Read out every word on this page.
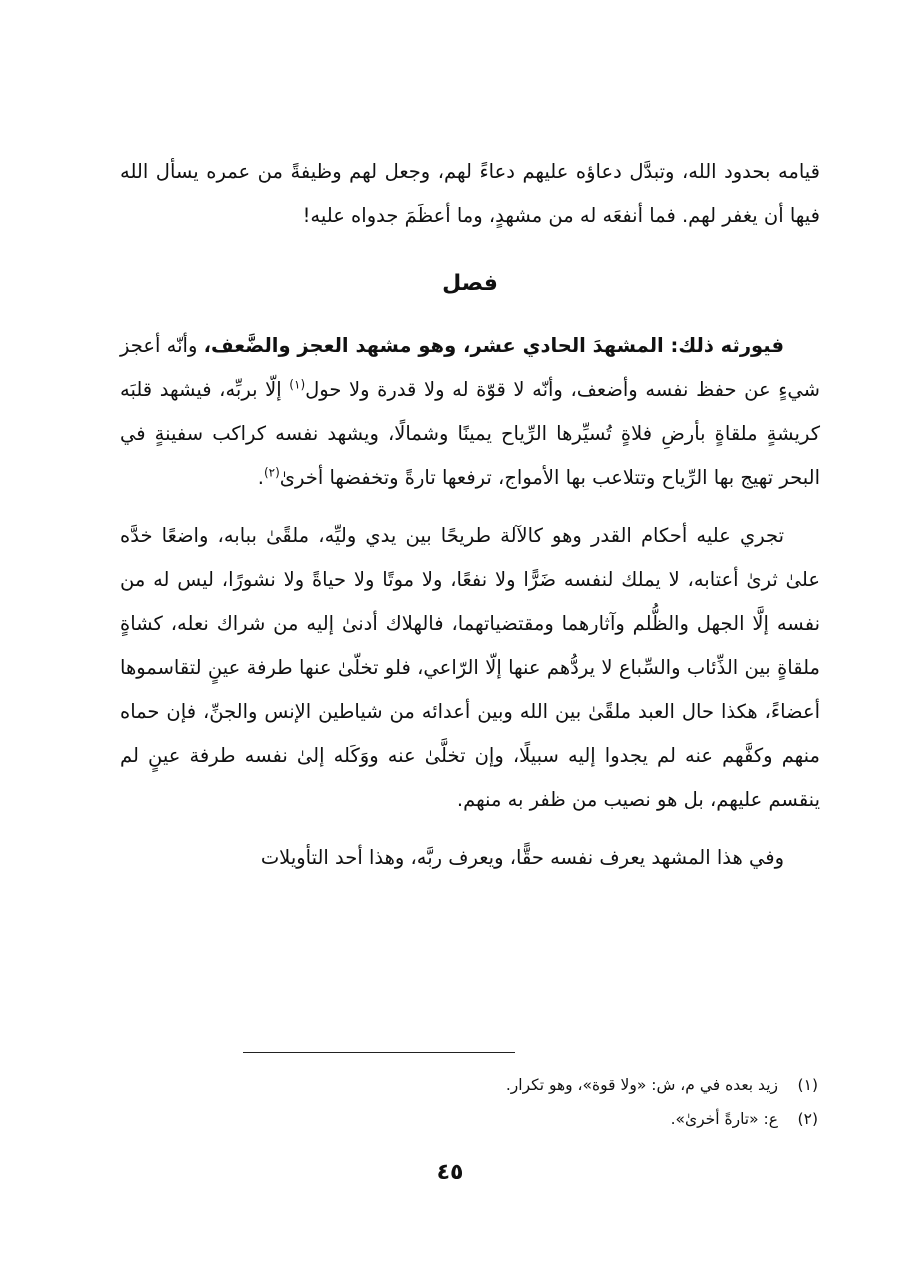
قيامه بحدود الله، وتبدَّل دعاؤه عليهم دعاءً لهم، وجعل لهم وظيفةً من عمره يسأل الله فيها أن يغفر لهم. فما أنفعَه له من مشهدٍ، وما أعظَمَ جدواه عليه!

فصل

فيورثه ذلك: المشهدَ الحادي عشر، وهو مشهد العجز والضَّعف، وأنّه أعجز شيءٍ عن حفظ نفسه وأضعف، وأنّه لا قوّة له ولا قدرة ولا حول$^{(١)}$ إلّا بربِّه، فيشهد قلبَه كريشةٍ ملقاةٍ بأرضِ فلاةٍ تُسيِّرها الرِّياح يمينًا وشمالًا، ويشهد نفسه كراكب سفينةٍ في البحر تهيج بها الرِّياح وتتلاعب بها الأمواج، ترفعها تارةً وتخفضها أخرىٰ$^{(٢)}$.

تجري عليه أحكام القدر وهو كالآلة طريحًا بين يدي وليِّه، ملقًىٰ ببابه، واضعًا خدَّه علىٰ ثرىٰ أعتابه، لا يملك لنفسه ضَرًّا ولا نفعًا، ولا موتًا ولا حياةً ولا نشورًا، ليس له من نفسه إلَّا الجهل والظُّلم وآثارهما ومقتضياتهما، فالهلاك أدنىٰ إليه من شراك نعله، كشاةٍ ملقاةٍ بين الذِّئاب والسِّباع لا يردُّهم عنها إلّا الرّاعي، فلو تخلّىٰ عنها طرفة عينٍ لتقاسموها أعضاءً، هكذا حال العبد ملقًىٰ بين الله وبين أعدائه من شياطين الإنس والجنِّ، فإن حماه منهم وكفَّهم عنه لم يجدوا إليه سبيلًا، وإن تخلَّىٰ عنه ووَكَله إلىٰ نفسه طرفة عينٍ لم ينقسم عليهم، بل هو نصيب من ظفر به منهم.

وفي هذا المشهد يعرف نفسه حقًّا، ويعرف ربَّه، وهذا أحد التأويلات

(١)زيد بعده في م، ش: «ولا قوة»، وهو تكرار.

(٢)ع: «تارةً أخرىٰ».

٤٥
